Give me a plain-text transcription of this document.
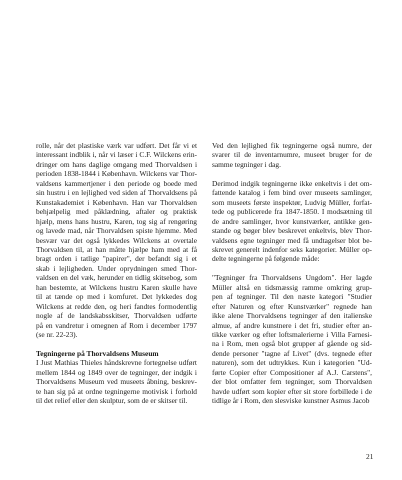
rolle, når det plastiske værk var udført. Det får vi et
interessant indblik i, når vi læser i C.F. Wilckens erin-
dringer om hans daglige omgang med Thorvaldsen i
perioden 1838-1844 i København. Wilckens var Thor-
valdsens kammertjener i den periode og boede med
sin hustru i en lejlighed ved siden af Thorvaldsens på
Kunstakademiet i København. Han var Thorvaldsen
behjælpelig med påklædning, aftaler og praktisk
hjælp, mens hans hustru, Karen, tog sig af rengøring
og lavede mad, når Thorvaldsen spiste hjemme. Med
besvær var det også lykkedes Wilckens at overtale
Thorvaldsen til, at han måtte hjælpe ham med at få
bragt orden i tatlige "papirer", der befandt sig i et
skab i lejligheden. Under oprydningen smed Thor-
valdsen en del væk, herunder en tidlig skitsebog, som
han bestemte, at Wilckens hustru Karen skulle have
til at tænde op med i komfuret. Det lykkedes dog
Wilckens at redde den, og heri fandtes formodentlig
nogle af de landskabsskitser, Thorvaldsen udførte
på en vandretur i omegnen af Rom i december 1797
(se nr. 22-23).
Tegningerne på Thorvaldsens Museum
I Just Mathias Thieles håndskrevne fortegnelse udført
mellem 1844 og 1849 over de tegninger, der indgik i
Thorvaldsens Museum ved museets åbning, beskrev-
te han sig på at ordne tegningerne motivisk i forhold
til det relief eller den skulptur, som de er skitser til.
Ved den lejlighed fik tegningerne også numre, der
svarer til de inventarnumre, museet bruger for de
samme tegninger i dag.
Derimod indgik tegningerne ikke enkeltvis i det om-
fattende katalog i fem bind over museets samlinger,
som museets første inspektør, Ludvig Müller, forfat-
tede og publicerede fra 1847-1850. I modsætning til
de andre samlinger, hvor kunstværker, antikke gen-
stande og bøger blev beskrevet enkeltvis, blev Thor-
valdsens egne tegninger med få undtagelser blot be-
skrevet generelt indenfor seks kategorier. Müller op-
delte tegningerne på følgende måde:
"Tegninger fra Thorvaldsens Ungdom". Her lagde
Müller altså en tidsmæssig ramme omkring grup-
pen af tegninger. Til den næste kategori "Studier
efter Naturen og efter Kunstværker" regnede han
ikke alene Thorvaldsens tegninger af den italienske
almue, af andre kunstnere i det fri, studier efter an-
tikke værker og efter loftsmalerierne i Villa Farnesi-
na i Rom, men også blot grupper af gående og sid-
dende personer "tagne af Livet" (dvs. tegnede efter
naturen), som det udtrykkes. Kun i kategorien "Ud-
førte Copier efter Compositioner af A.J. Carstens",
der blot omfatter fem tegninger, som Thorvaldsen
havde udført som kopier efter sit store forbillede i de
tidlige år i Rom, den slesviske kunstner Asmus Jacob
21
